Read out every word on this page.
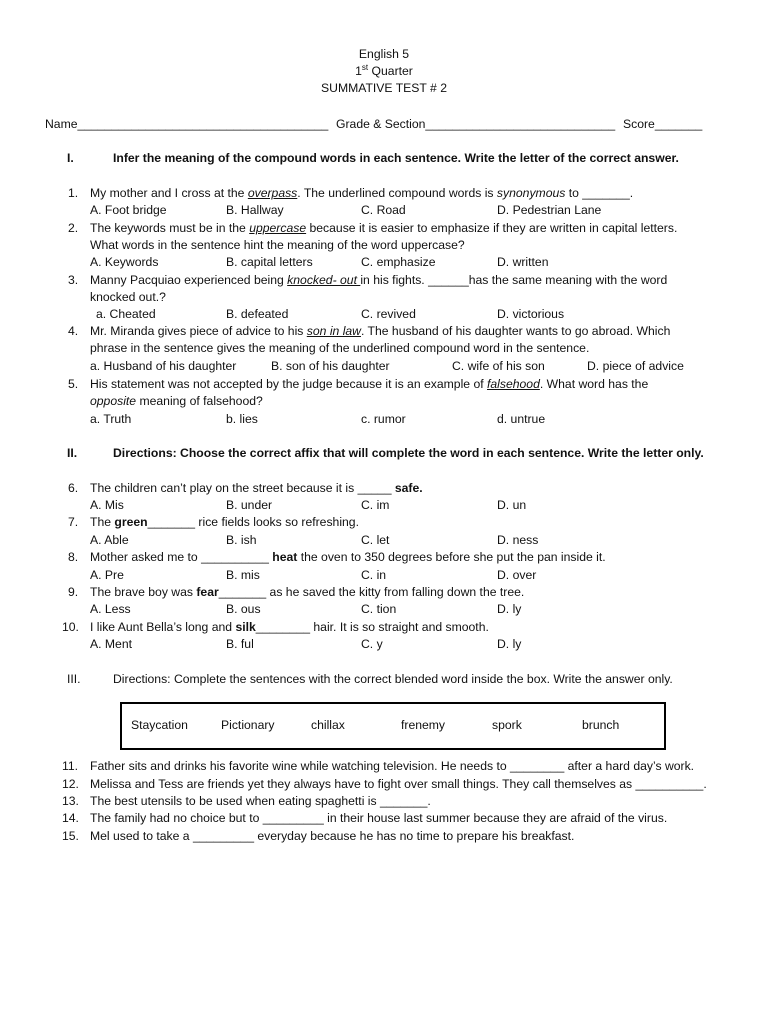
English 5
1st Quarter
SUMMATIVE TEST # 2
Name_____________________________________ Grade & Section____________________________ Score_______
I.	Infer the meaning of the compound words in each sentence. Write the letter of the correct answer.
1. My mother and I cross at the overpass. The underlined compound words is synonymous to _______.
A. Foot bridge	B. Hallway	C. Road	D. Pedestrian Lane
2. The keywords must be in the uppercase because it is easier to emphasize if they are written in capital letters.
What words in the sentence hint the meaning of the word uppercase?
A. Keywords	B. capital letters	C. emphasize	D. written
3. Manny Pacquiao experienced being knocked- out in his fights. ______has the same meaning with the word
knocked out.?
a. Cheated	B. defeated	C. revived	D. victorious
4. Mr. Miranda gives piece of advice to his son in law. The husband of his daughter wants to go abroad. Which
phrase in the sentence gives the meaning of the underlined compound word in the sentence.
a. Husband of his daughter	B. son of his daughter	C. wife of his son	D. piece of advice
5. His statement was not accepted by the judge because it is an example of falsehood. What word has the
opposite meaning of falsehood?
a. Truth	b. lies	c. rumor	d. untrue
II.	Directions: Choose the correct affix that will complete the word in each sentence. Write the letter only.
6. The children can’t play on the street because it is _____ safe.
A. Mis	B. under	C. im	D. un
7. The green_______ rice fields looks so refreshing.
A. Able	B. ish	C. let	D. ness
8. Mother asked me to __________ heat the oven to 350 degrees before she put the pan inside it.
A. Pre	B. mis	C. in	D. over
9. The brave boy was fear_______ as he saved the kitty from falling down the tree.
A. Less	B. ous	C. tion	D. ly
10. I like Aunt Bella’s long and silk________ hair. It is so straight and smooth.
A. Ment	B. ful	C. y	D. ly
III.	Directions: Complete the sentences with the correct blended word inside the box. Write the answer only.
Staycation	Pictionary	chillax	frenemy	spork	brunch
11. Father sits and drinks his favorite wine while watching television. He needs to ________ after a hard day’s work.
12. Melissa and Tess are friends yet they always have to fight over small things. They call themselves as __________.
13. The best utensils to be used when eating spaghetti is _______.
14. The family had no choice but to _________ in their house last summer because they are afraid of the virus.
15. Mel used to take a _________ everyday because he has no time to prepare his breakfast.
